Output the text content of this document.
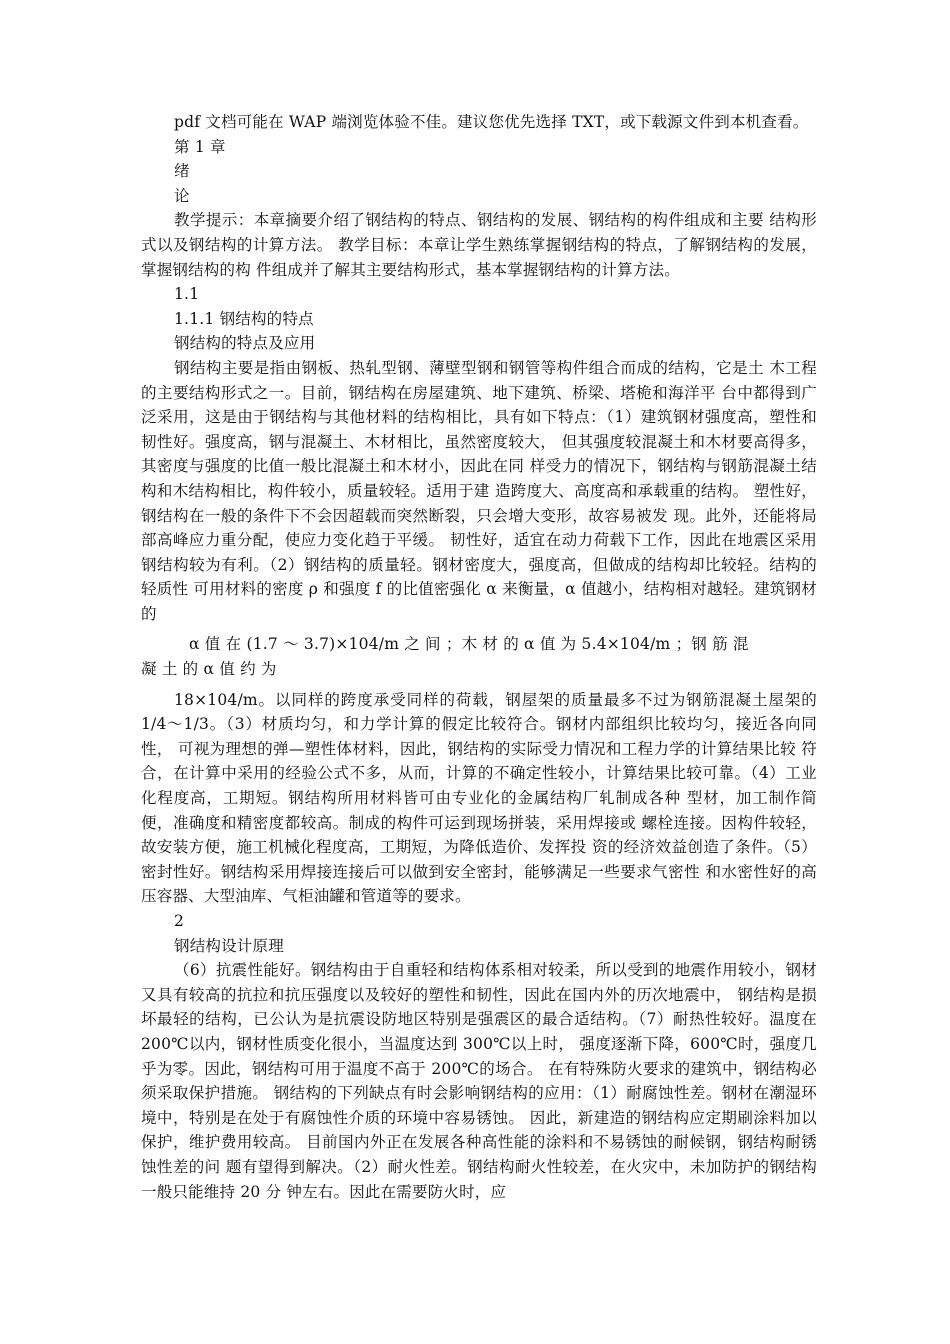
pdf 文档可能在 WAP 端浏览体验不佳。建议您优先选择 TXT，或下载源文件到本机查看。
第 1 章
绪
论

教学提示：本章摘要介绍了钢结构的特点、钢结构的发展、钢结构的构件组成和主要 结构形式以及钢结构的计算方法。 教学目标：本章让学生熟练掌握钢结构的特点，了解钢结构的发展，掌握钢结构的构 件组成并了解其主要结构形式，基本掌握钢结构的计算方法。

1.1
1.1.1 钢结构的特点
钢结构的特点及应用

钢结构主要是指由钢板、热轧型钢、薄壁型钢和钢管等构件组合而成的结构，它是土 木工程的主要结构形式之一。目前，钢结构在房屋建筑、地下建筑、桥梁、塔桅和海洋平 台中都得到广泛采用，这是由于钢结构与其他材料的结构相比，具有如下特点：（1）建筑钢材强度高，塑性和韧性好。强度高，钢与混凝土、木材相比，虽然密度较大， 但其强度较混凝土和木材要高得多，其密度与强度的比值一般比混凝土和木材小，因此在同 样受力的情况下，钢结构与钢筋混凝土结构和木结构相比，构件较小，质量较轻。适用于建 造跨度大、高度高和承载重的结构。 塑性好，钢结构在一般的条件下不会因超载而突然断裂，只会增大变形，故容易被发 现。此外，还能将局部高峰应力重分配，使应力变化趋于平缓。 韧性好，适宜在动力荷载下工作，因此在地震区采用钢结构较为有利。（2）钢结构的质量轻。钢材密度大，强度高，但做成的结构却比较轻。结构的轻质性 可用材料的密度 ρ 和强度 f 的比值密强化 α 来衡量，α 值越小，结构相对越轻。建筑钢材的

α 值 在 (1.7 ～ 3.7)×104/m 之 间 ；木 材 的 α 值 为 5.4×104/m ；钢 筋 混
凝 土 的 α 值 约 为

18×104/m。以同样的跨度承受同样的荷载，钢屋架的质量最多不过为钢筋混凝土屋架的 1/4～1/3。（3）材质均匀，和力学计算的假定比较符合。钢材内部组织比较均匀，接近各向同性， 可视为理想的弹—塑性体材料，因此，钢结构的实际受力情况和工程力学的计算结果比较 符合，在计算中采用的经验公式不多，从而，计算的不确定性较小，计算结果比较可靠。（4）工业化程度高，工期短。钢结构所用材料皆可由专业化的金属结构厂轧制成各种 型材，加工制作简便，准确度和精密度都较高。制成的构件可运到现场拼装，采用焊接或 螺栓连接。因构件较轻，故安装方便，施工机械化程度高，工期短，为降低造价、发挥投 资的经济效益创造了条件。（5）密封性好。钢结构采用焊接连接后可以做到安全密封，能够满足一些要求气密性 和水密性好的高压容器、大型油库、气柜油罐和管道等的要求。

2
钢结构设计原理

（6）抗震性能好。钢结构由于自重轻和结构体系相对较柔，所以受到的地震作用较小，钢材又具有较高的抗拉和抗压强度以及较好的塑性和韧性，因此在国内外的历次地震中， 钢结构是损坏最轻的结构，已公认为是抗震设防地区特别是强震区的最合适结构。（7）耐热性较好。温度在 200℃以内，钢材性质变化很小，当温度达到 300℃以上时， 强度逐渐下降，600℃时，强度几乎为零。因此，钢结构可用于温度不高于 200℃的场合。 在有特殊防火要求的建筑中，钢结构必须采取保护措施。 钢结构的下列缺点有时会影响钢结构的应用：（1）耐腐蚀性差。钢材在潮湿环境中，特别是在处于有腐蚀性介质的环境中容易锈蚀。 因此，新建造的钢结构应定期刷涂料加以保护，维护费用较高。 目前国内外正在发展各种高性能的涂料和不易锈蚀的耐候钢，钢结构耐锈蚀性差的问 题有望得到解决。（2）耐火性差。钢结构耐火性较差，在火灾中，未加防护的钢结构一般只能维持 20 分 钟左右。因此在需要防火时，应
